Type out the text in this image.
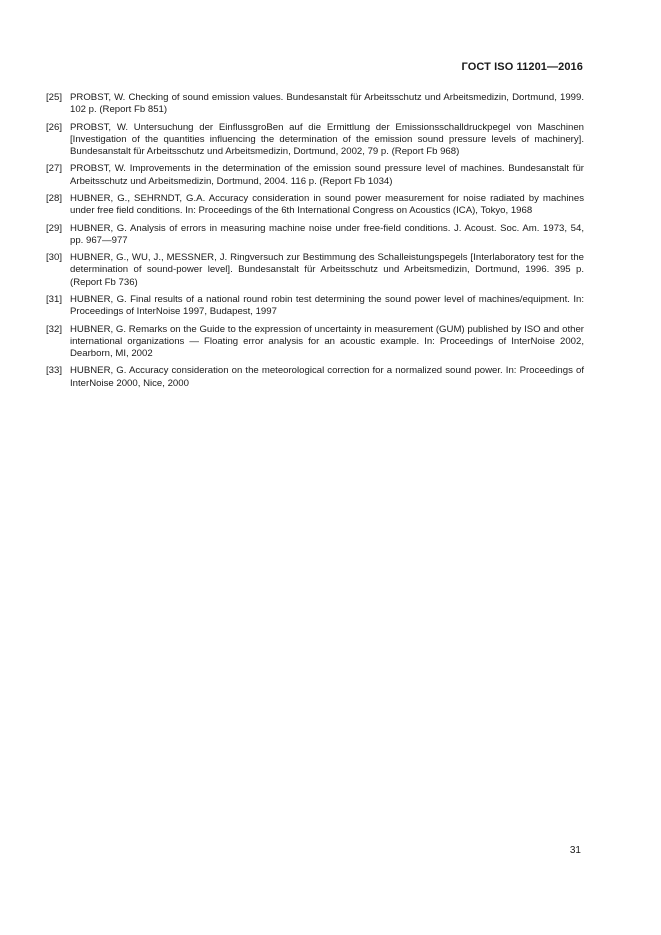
ГОСТ ISO 11201—2016
[25] PROBST, W. Checking of sound emission values. Bundesanstalt für Arbeitsschutz und Arbeitsmedizin, Dortmund, 1999. 102 p. (Report Fb 851)
[26] PROBST, W. Untersuchung der EinflussgroBen auf die Ermittlung der Emissionsschalldruckpegel von Maschinen [Investigation of the quantities influencing the determination of the emission sound pressure levels of machinery]. Bundesanstalt für Arbeitsschutz und Arbeitsmedizin, Dortmund, 2002, 79 p. (Report Fb 968)
[27] PROBST, W. Improvements in the determination of the emission sound pressure level of machines. Bundesanstalt für Arbeitsschutz und Arbeitsmedizin, Dortmund, 2004. 116 p. (Report Fb 1034)
[28] HUBNER, G., SEHRNDT, G.A. Accuracy consideration in sound power measurement for noise radiated by machines under free field conditions. In: Proceedings of the 6th International Congress on Acoustics (ICA), Tokyo, 1968
[29] HUBNER, G. Analysis of errors in measuring machine noise under free-field conditions. J. Acoust. Soc. Am. 1973, 54, pp. 967—977
[30] HUBNER, G., WU, J., MESSNER, J. Ringversuch zur Bestimmung des Schalleistungspegels [Interlaboratory test for the determination of sound-power level]. Bundesanstalt für Arbeitsschutz und Arbeitsmedizin, Dortmund, 1996. 395 p. (Report Fb 736)
[31] HUBNER, G. Final results of a national round robin test determining the sound power level of machines/equipment. In: Proceedings of InterNoise 1997, Budapest, 1997
[32] HUBNER, G. Remarks on the Guide to the expression of uncertainty in measurement (GUM) published by ISO and other international organizations — Floating error analysis for an acoustic example. In: Proceedings of InterNoise 2002, Dearborn, MI, 2002
[33] HUBNER, G. Accuracy consideration on the meteorological correction for a normalized sound power. In: Proceedings of InterNoise 2000, Nice, 2000
31
